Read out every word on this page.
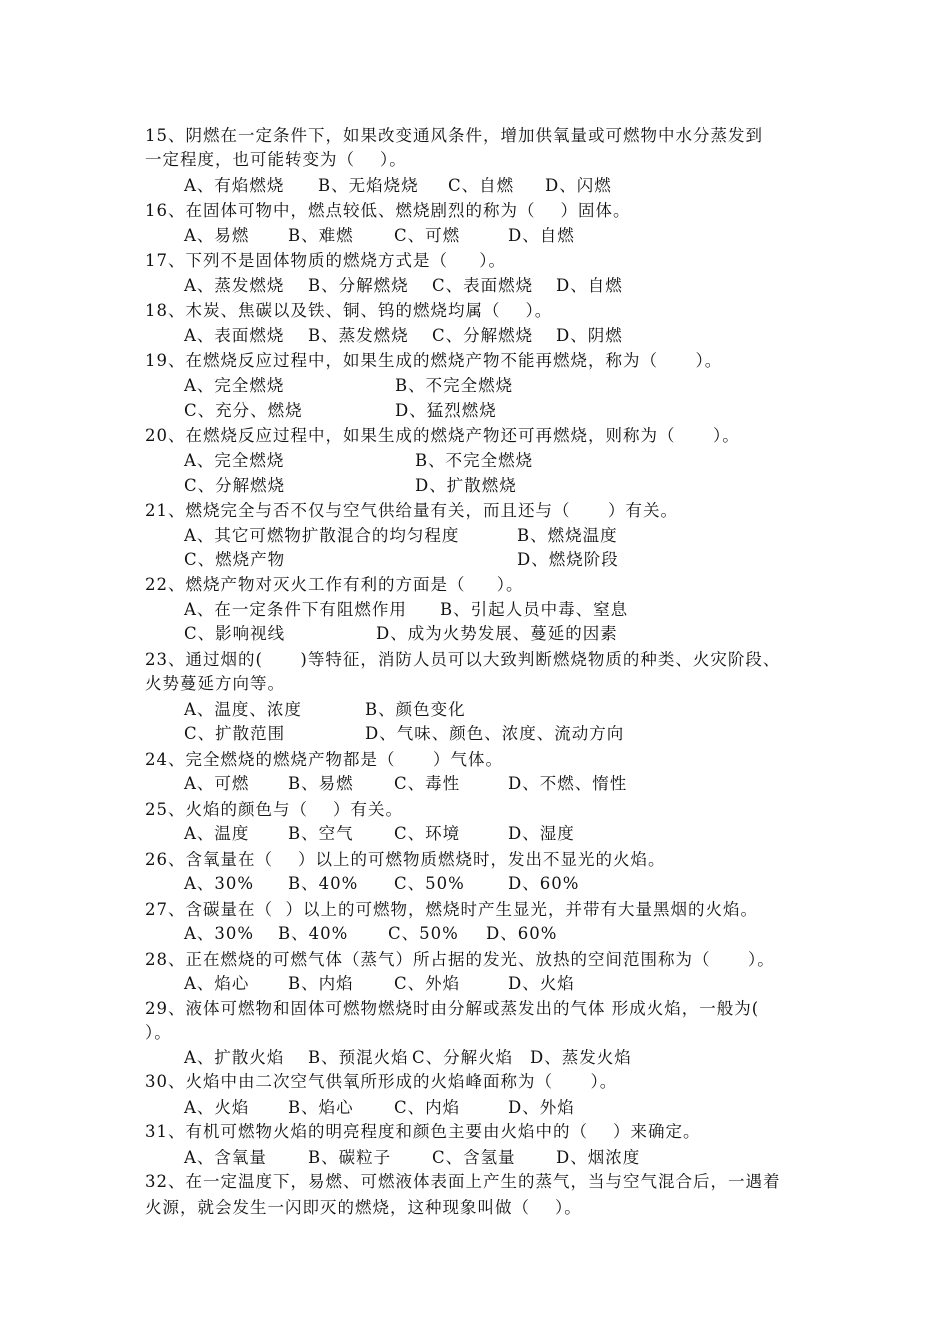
15、阴燃在一定条件下，如果改变通风条件，增加供氧量或可燃物中水分蒸发到
一定程度，也可能转变为（    ）。
A、有焰燃烧 B、无焰烧烧 C、自燃 D、闪燃
16、在固体可物中，燃点较低、燃烧剧烈的称为（    ）固体。
A、易燃 B、难燃 C、可燃	D、自燃
17、下列不是固体物质的燃烧方式是（     ）。
A、蒸发燃烧 B、分解燃烧 C、表面燃烧 D、自燃
18、木炭、焦碳以及铁、铜、钨的燃烧均属（    ）。
A、表面燃烧 B、蒸发燃烧 C、分解燃烧 D、阴燃
19、在燃烧反应过程中，如果生成的燃烧产物不能再燃烧，称为（      ）。
A、完全燃烧	B、不完全燃烧
C、充分、燃烧	D、猛烈燃烧
20、在燃烧反应过程中，如果生成的燃烧产物还可再燃烧，则称为（      ）。
A、完全燃烧	B、不完全燃烧
C、分解燃烧	D、扩散燃烧
21、燃烧完全与否不仅与空气供给量有关，而且还与（      ）有关。
A、其它可燃物扩散混合的均匀程度	B、燃烧温度
C、燃烧产物	D、燃烧阶段
22、燃烧产物对灭火工作有利的方面是（     ）。
A、在一定条件下有阻燃作用 B、引起人员中毒、窒息
C、影响视线	D、成为火势发展、蔓延的因素
23、通过烟的(      )等特征，消防人员可以大致判断燃烧物质的种类、火灾阶段、
火势蔓延方向等。
A、温度、浓度	B、颜色变化
C、扩散范围	D、气味、颜色、浓度、流动方向
24、完全燃烧的燃烧产物都是（      ）气体。
A、可燃 B、易燃 C、毒性	D、不燃、惰性
25、火焰的颜色与（    ）有关。
A、温度 B、空气 C、环境	D、湿度
26、含氧量在（    ）以上的可燃物质燃烧时，发出不显光的火焰。
A、30% B、40% C、50%	D、60%
27、含碳量在（  ）以上的可燃物，燃烧时产生显光，并带有大量黑烟的火焰。
A、30% B、40% C、50% D、60%
28、正在燃烧的可燃气体（蒸气）所占据的发光、放热的空间范围称为（      ）。
A、焰心 B、内焰 C、外焰	D、火焰
29、液体可燃物和固体可燃物燃烧时由分解或蒸发出的气体 形成火焰，一般为(
）。
A、扩散火焰 B、预混火焰 C、分解火焰 D、蒸发火焰
30、火焰中由二次空气供氧所形成的火焰峰面称为（      ）。
A、火焰 B、焰心 C、内焰	D、外焰
31、有机可燃物火焰的明亮程度和颜色主要由火焰中的（    ）来确定。
A、含氧量 B、碳粒子 C、含氢量 D、烟浓度
32、在一定温度下，易燃、可燃液体表面上产生的蒸气，当与空气混合后，一遇着
火源，就会发生一闪即灭的燃烧，这种现象叫做（    ）。
